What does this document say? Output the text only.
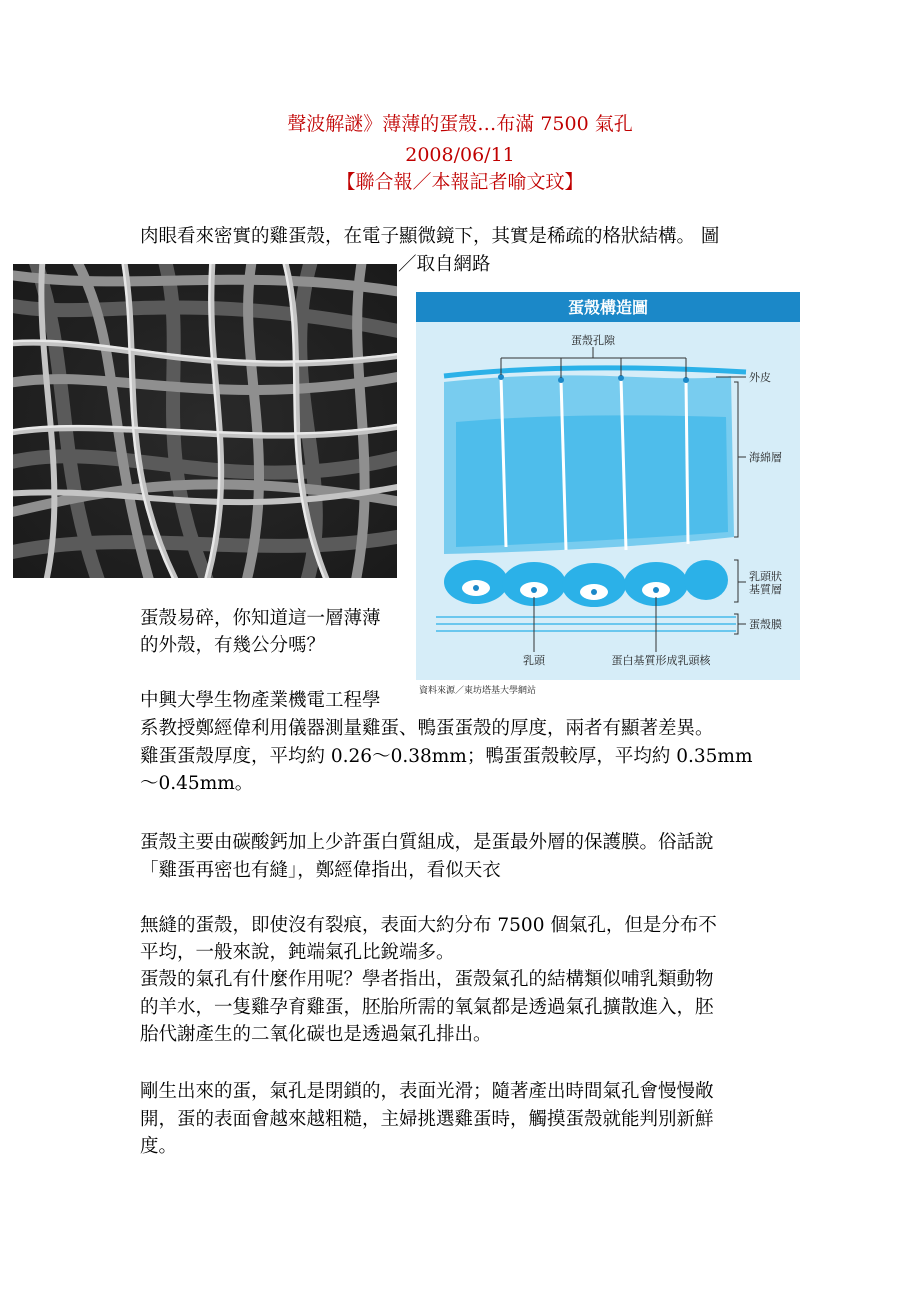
聲波解謎》薄薄的蛋殼…布滿 7500 氣孔
2008/06/11
【聯合報／本報記者喻文玟】
肉眼看來密實的雞蛋殼，在電子顯微鏡下，其實是稀疏的格狀結構。 圖
／取自網路
蛋殼構造圖
蛋殼孔隙
外皮
海綿層
乳頭狀基質層
蛋殼膜
乳頭	蛋白基質形成乳頭核
資料來源／東坊塔基大學網站
蛋殼易碎，你知道這一層薄薄
的外殼，有幾公分嗎？
中興大學生物產業機電工程學
系教授鄭經偉利用儀器測量雞蛋、鴨蛋蛋殼的厚度，兩者有顯著差異。
雞蛋蛋殼厚度，平均約 0.26～0.38mm；鴨蛋蛋殼較厚，平均約 0.35mm
～0.45mm。
蛋殼主要由碳酸鈣加上少許蛋白質組成，是蛋最外層的保護膜。俗話說
「雞蛋再密也有縫」，鄭經偉指出，看似天衣
無縫的蛋殼，即使沒有裂痕，表面大約分布 7500 個氣孔，但是分布不
平均，一般來說，鈍端氣孔比銳端多。
蛋殼的氣孔有什麼作用呢？學者指出，蛋殼氣孔的結構類似哺乳類動物
的羊水，一隻雞孕育雞蛋，胚胎所需的氧氣都是透過氣孔擴散進入，胚
胎代謝產生的二氧化碳也是透過氣孔排出。
剛生出來的蛋，氣孔是閉鎖的，表面光滑；隨著產出時間氣孔會慢慢敞
開，蛋的表面會越來越粗糙，主婦挑選雞蛋時，觸摸蛋殼就能判別新鮮
度。
